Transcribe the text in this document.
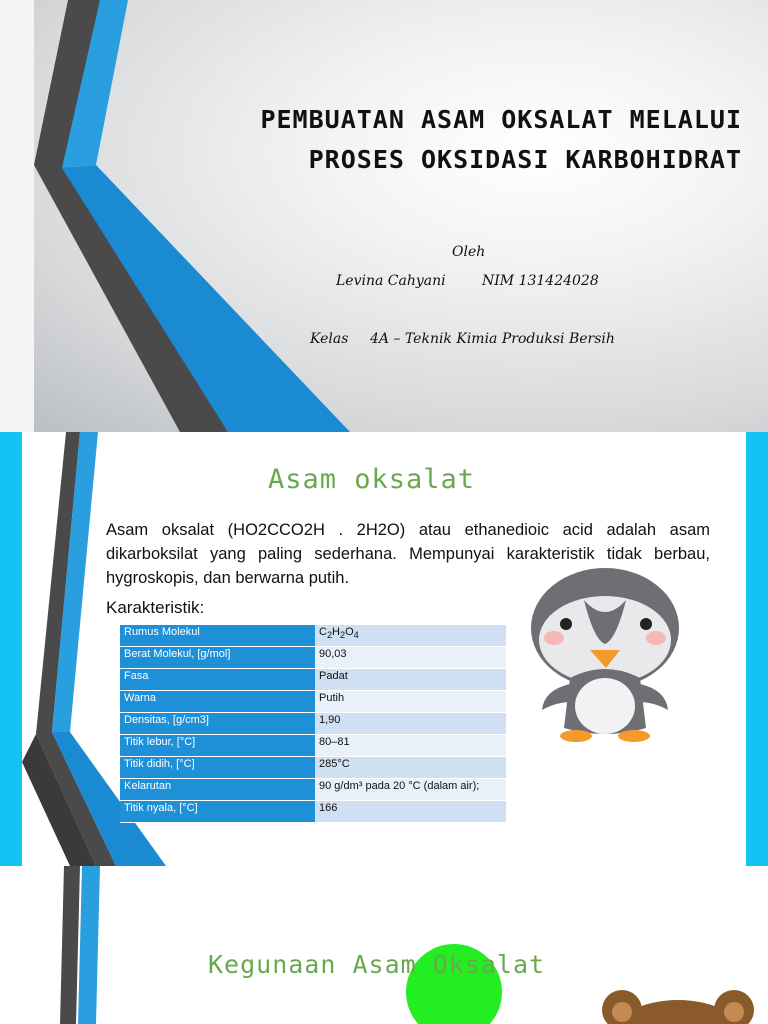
PEMBUATAN ASAM OKSALAT MELALUI
PROSES OKSIDASI KARBOHIDRAT
Oleh
Levina Cahyani	NIM 131424028
Kelas 4A – Teknik Kimia Produksi Bersih
Asam oksalat
Asam oksalat (HO2CCO2H . 2H2O) atau ethanedioic acid adalah asam dikarboksilat yang paling sederhana. Mempunyai karakteristik tidak berbau, hygroskopis, dan berwarna putih.
Karakteristik:
Rumus Molekul	$C_2H_2O_4$
Berat Molekul, [g/mol]	90,03
Fasa	Padat
Warna	Putih
Densitas, [g/cm3]	1,90
Titik lebur, [°C]	80–81
Titik didih, [°C]	285°C
Kelarutan	90 g/dm³ pada 20 °C (dalam air);
Titik nyala, [°C]	166
Kegunaan Asam Oksalat
